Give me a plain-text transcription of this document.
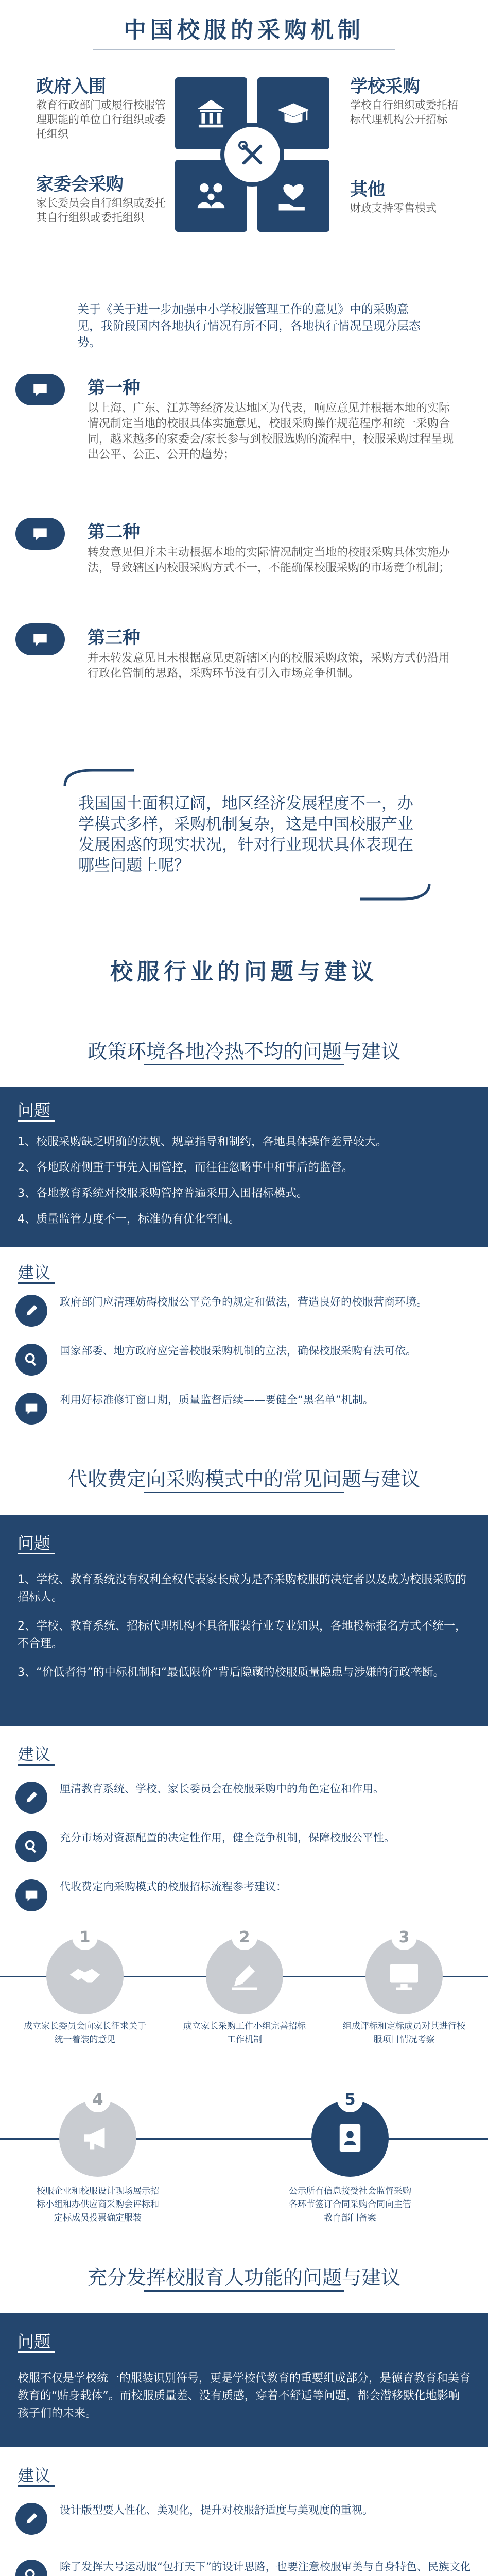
中国校服的采购机制
政府入围
教育行政部门或履行校服管理职能的单位自行组织或委托组织
学校采购
学校自行组织或委托招标代理机构公开招标
家委会采购
家长委员会自行组织或委托其自行组织或委托组织
其他
财政支持零售模式
关于《关于进一步加强中小学校服管理工作的意见》中的采购意见，我阶段国内各地执行情况有所不同，各地执行情况呈现分层态势。
第一种
以上海、广东、江苏等经济发达地区为代表，响应意见并根据本地的实际情况制定当地的校服具体实施意见，校服采购操作规范程序和统一采购合同，越来越多的家委会/家长参与到校服选购的流程中，校服采购过程呈现出公平、公正、公开的趋势；
第二种
转发意见但并未主动根据本地的实际情况制定当地的校服采购具体实施办法，导致辖区内校服采购方式不一，不能确保校服采购的市场竞争机制；
第三种
并未转发意见且未根据意见更新辖区内的校服采购政策，采购方式仍沿用行政化管制的思路，采购环节没有引入市场竞争机制。
我国国土面积辽阔，地区经济发展程度不一，办学模式多样，采购机制复杂，这是中国校服产业发展困惑的现实状况，针对行业现状具体表现在哪些问题上呢？
校服行业的问题与建议
政策环境各地冷热不均的问题与建议
问题
1、校服采购缺乏明确的法规、规章指导和制约，各地具体操作差异较大。
2、各地政府侧重于事先入围管控，而往往忽略事中和事后的监督。
3、各地教育系统对校服采购管控普遍采用入围招标模式。
4、质量监管力度不一，标准仍有优化空间。
建议
政府部门应清理妨碍校服公平竞争的规定和做法，营造良好的校服营商环境。
国家部委、地方政府应完善校服采购机制的立法，确保校服采购有法可依。
利用好标准修订窗口期，质量监督后续——要健全“黑名单”机制。
代收费定向采购模式中的常见问题与建议
问题
1、学校、教育系统没有权利全权代表家长成为是否采购校服的决定者以及成为校服采购的招标人。
2、学校、教育系统、招标代理机构不具备服装行业专业知识，各地投标报名方式不统一，不合理。
3、“价低者得”的中标机制和“最低限价”背后隐藏的校服质量隐患与涉嫌的行政垄断。
建议
厘清教育系统、学校、家长委员会在校服采购中的角色定位和作用。
充分市场对资源配置的决定性作用，健全竞争机制，保障校服公平性。
代收费定向采购模式的校服招标流程参考建议：
1
成立家长委员会向家长征求关于统一着装的意见
2
成立家长采购工作小组完善招标工作机制
3
组成评标和定标成员对其进行校服项目情况考察
4
校服企业和校服设计现场展示招标小组和办供应商采购会评标和定标成员投票确定服装
5
公示所有信息接受社会监督采购各环节签订合同采购合同向主管教育部门备案
充分发挥校服育人功能的问题与建议
问题
校服不仅是学校统一的服装识别符号，更是学校代教育的重要组成部分，是德育教育和美育教育的“贴身载体”。而校服质量差、没有质感，穿着不舒适等问题，都会潜移默化地影响孩子们的未来。
建议
设计版型要人性化、美观化，提升对校服舒适度与美观度的重视。
除了发挥大号运动服“包打天下”的设计思路，也要注意校服审美与自身特色、民族文化
